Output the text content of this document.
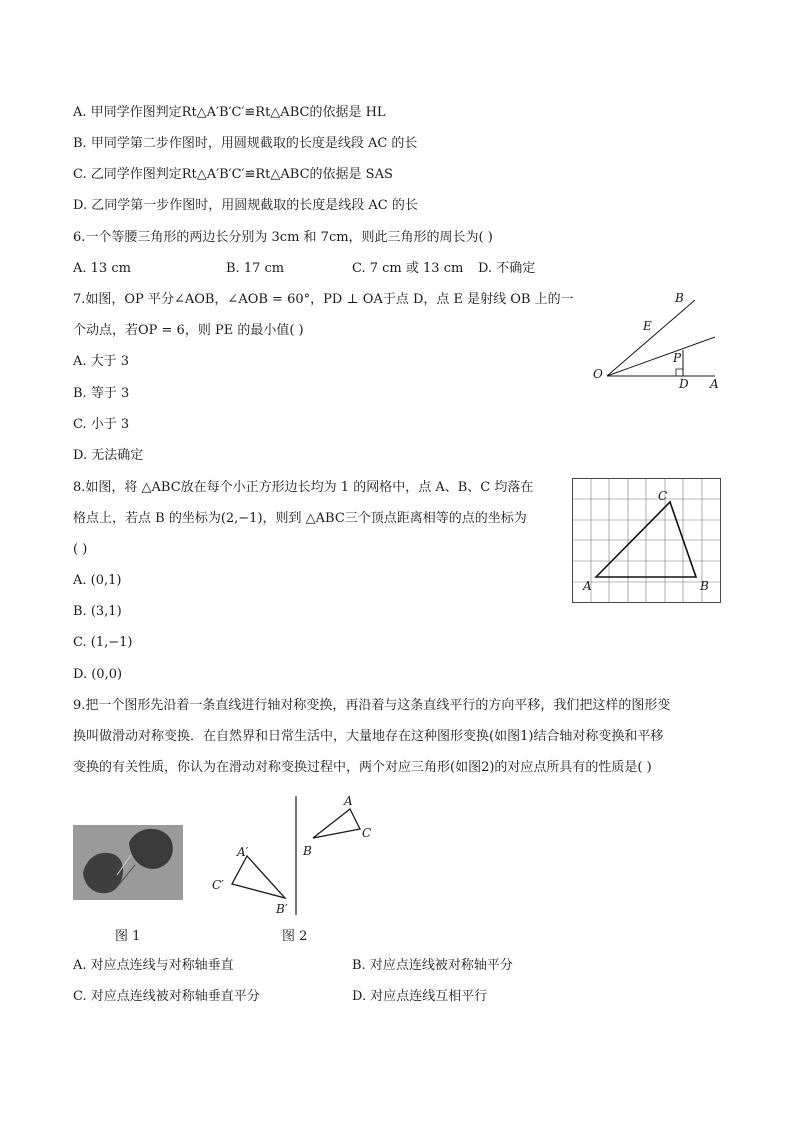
A. 甲同学作图判定Rt△A′B′C′≌Rt△ABC的依据是 HL
B. 甲同学第二步作图时，用圆规截取的长度是线段 AC 的长
C. 乙同学作图判定Rt△A′B′C′≌Rt△ABC的依据是 SAS
D. 乙同学第一步作图时，用圆规截取的长度是线段 AC 的长
6.一个等腰三角形的两边长分别为 3cm 和 7cm，则此三角形的周长为( )
A. 13 cm	B. 17 cm	C. 7 cm 或 13 cm D. 不确定
7.如图，OP 平分∠AOB，∠AOB = 60°，PD ⊥ OA于点 D，点 E 是射线 OB 上的一
个动点，若OP = 6，则 PE 的最小值( )
A. 大于 3
B. 等于 3
C. 小于 3
D. 无法确定
B
E
P
O
D A
8.如图，将 △ABC放在每个小正方形边长均为 1 的网格中，点 A、B、C 均落在
格点上，若点 B 的坐标为(2,−1)，则到 △ABC三个顶点距离相等的点的坐标为
( )
A. (0,1)
B. (3,1)
C. (1,−1)
D. (0,0)
C
A	B
9.把一个图形先沿着一条直线进行轴对称变换，再沿着与这条直线平行的方向平移，我们把这样的图形变
换叫做滑动对称变换．在自然界和日常生活中，大量地存在这种图形变换(如图1)结合轴对称变换和平移
变换的有关性质，你认为在滑动对称变换过程中，两个对应三角形(如图2)的对应点所具有的性质是( )
图 1
A
C
B
A′
C′
B′
图 2
A. 对应点连线与对称轴垂直	B. 对应点连线被对称轴平分
C. 对应点连线被对称轴垂直平分	D. 对应点连线互相平行
